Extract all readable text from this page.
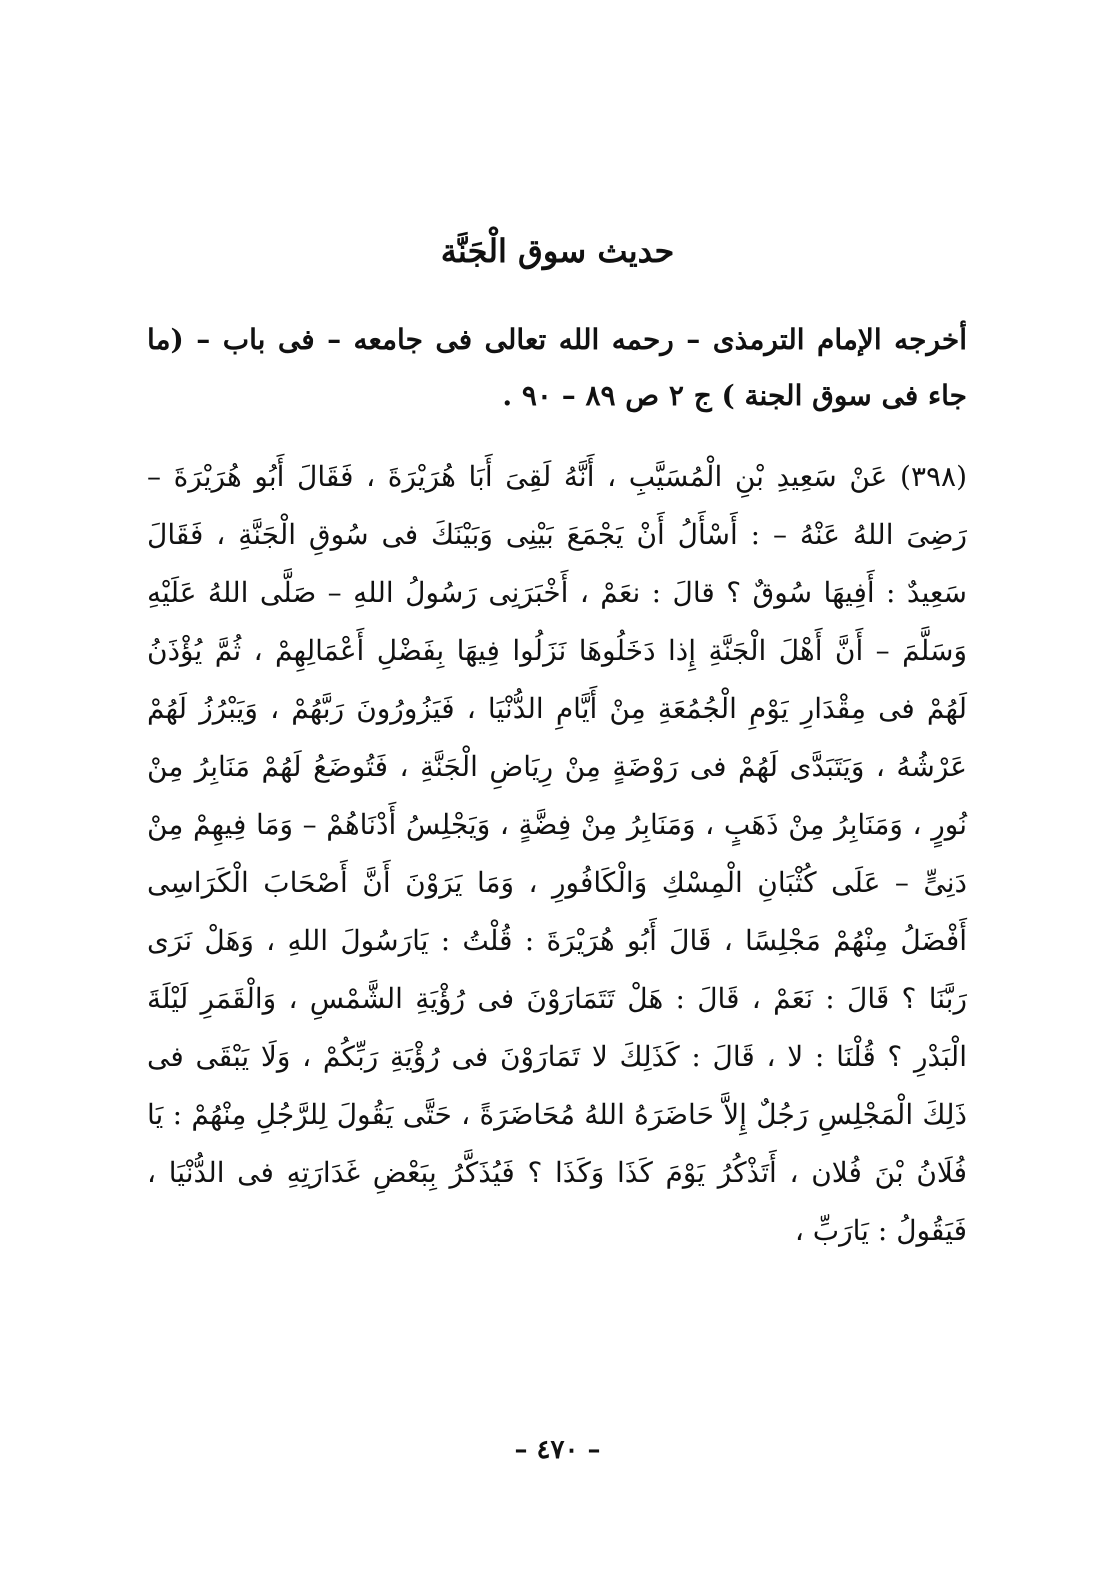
حديث سوق الْجَنَّة
أخرجه الإمام الترمذى – رحمه الله تعالى فى جامعه – فى باب – (ما جاء فى سوق الجنة ) ج ۲ ص ۸۹ – ۹۰ .
(۳۹۸) عَنْ سَعِيدِ بْنِ الْمُسَيَّبِ ، أَنَّهُ لَقِىَ أَبَا هُرَيْرَةَ ، فَقَالَ أَبُو هُرَيْرَةَ – رَضِىَ اللهُ عَنْهُ – : أَسْأَلُ أَنْ يَجْمَعَ بَيْنِى وَبَيْنَكَ فى سُوقِ الْجَنَّةِ ، فَقَالَ سَعِيدٌ : أَفِيهَا سُوقٌ ؟ قالَ : نعَمْ ، أَخْبَرَنِى رَسُولُ اللهِ – صَلَّى اللهُ عَلَيْهِ وَسَلَّمَ – أَنَّ أَهْلَ الْجَنَّةِ إِذا دَخَلُوهَا نَزَلُوا فِيهَا بِفَضْلِ أَعْمَالِهِمْ ، ثُمَّ يُؤْذَنُ لَهُمْ فى مِقْدَارِ يَوْمِ الْجُمُعَةِ مِنْ أَيَّامِ الدُّنْيَا ، فَيَزُورُونَ رَبَّهُمْ ، وَيَبْرُزُ لَهُمْ عَرْشُهُ ، وَيَتَبَدَّى لَهُمْ فى رَوْضَةٍ مِنْ رِيَاضِ الْجَنَّةِ ، فَتُوضَعُ لَهُمْ مَنَابِرُ مِنْ نُورٍ ، وَمَنَابِرُ مِنْ ذَهَبٍ ، وَمَنَابِرُ مِنْ فِضَّةٍ ، وَيَجْلِسُ أَدْنَاهُمْ – وَمَا فِيهِمْ مِنْ دَنِىٍّ – عَلَى كُثْبَانِ الْمِسْكِ وَالْكَافُورِ ، وَمَا يَرَوْنَ أَنَّ أَصْحَابَ الْكَرَاسِى أَفْضَلُ مِنْهُمْ مَجْلِسًا ، قَالَ أَبُو هُرَيْرَةَ : قُلْتُ : يَارَسُولَ اللهِ ، وَهَلْ نَرَى رَبَّنَا ؟ قَالَ : نَعَمْ ، قَالَ : هَلْ تَتَمَارَوْنَ فى رُؤْيَةِ الشَّمْسِ ، وَالْقَمَرِ لَيْلَةَ الْبَدْرِ ؟ قُلْنَا : لا ، قَالَ : كَذَلِكَ لا تَمَارَوْنَ فى رُؤْيَةِ رَبِّكُمْ ، وَلَا يَبْقَى فى ذَلِكَ الْمَجْلِسِ رَجُلٌ إِلاَّ حَاضَرَهُ اللهُ مُحَاضَرَةً ، حَتَّى يَقُولَ لِلرَّجُلِ مِنْهُمْ : يَا فُلَانُ بْنَ فُلان ، أَتَذْكُرُ يَوْمَ كَذَا وَكَذَا ؟ فَيُذَكَّرُ بِبَعْضِ غَدَارَتِهِ فى الدُّنْيَا ، فَيَقُولُ : يَارَبِّ ،
– ٤٧٠ –
